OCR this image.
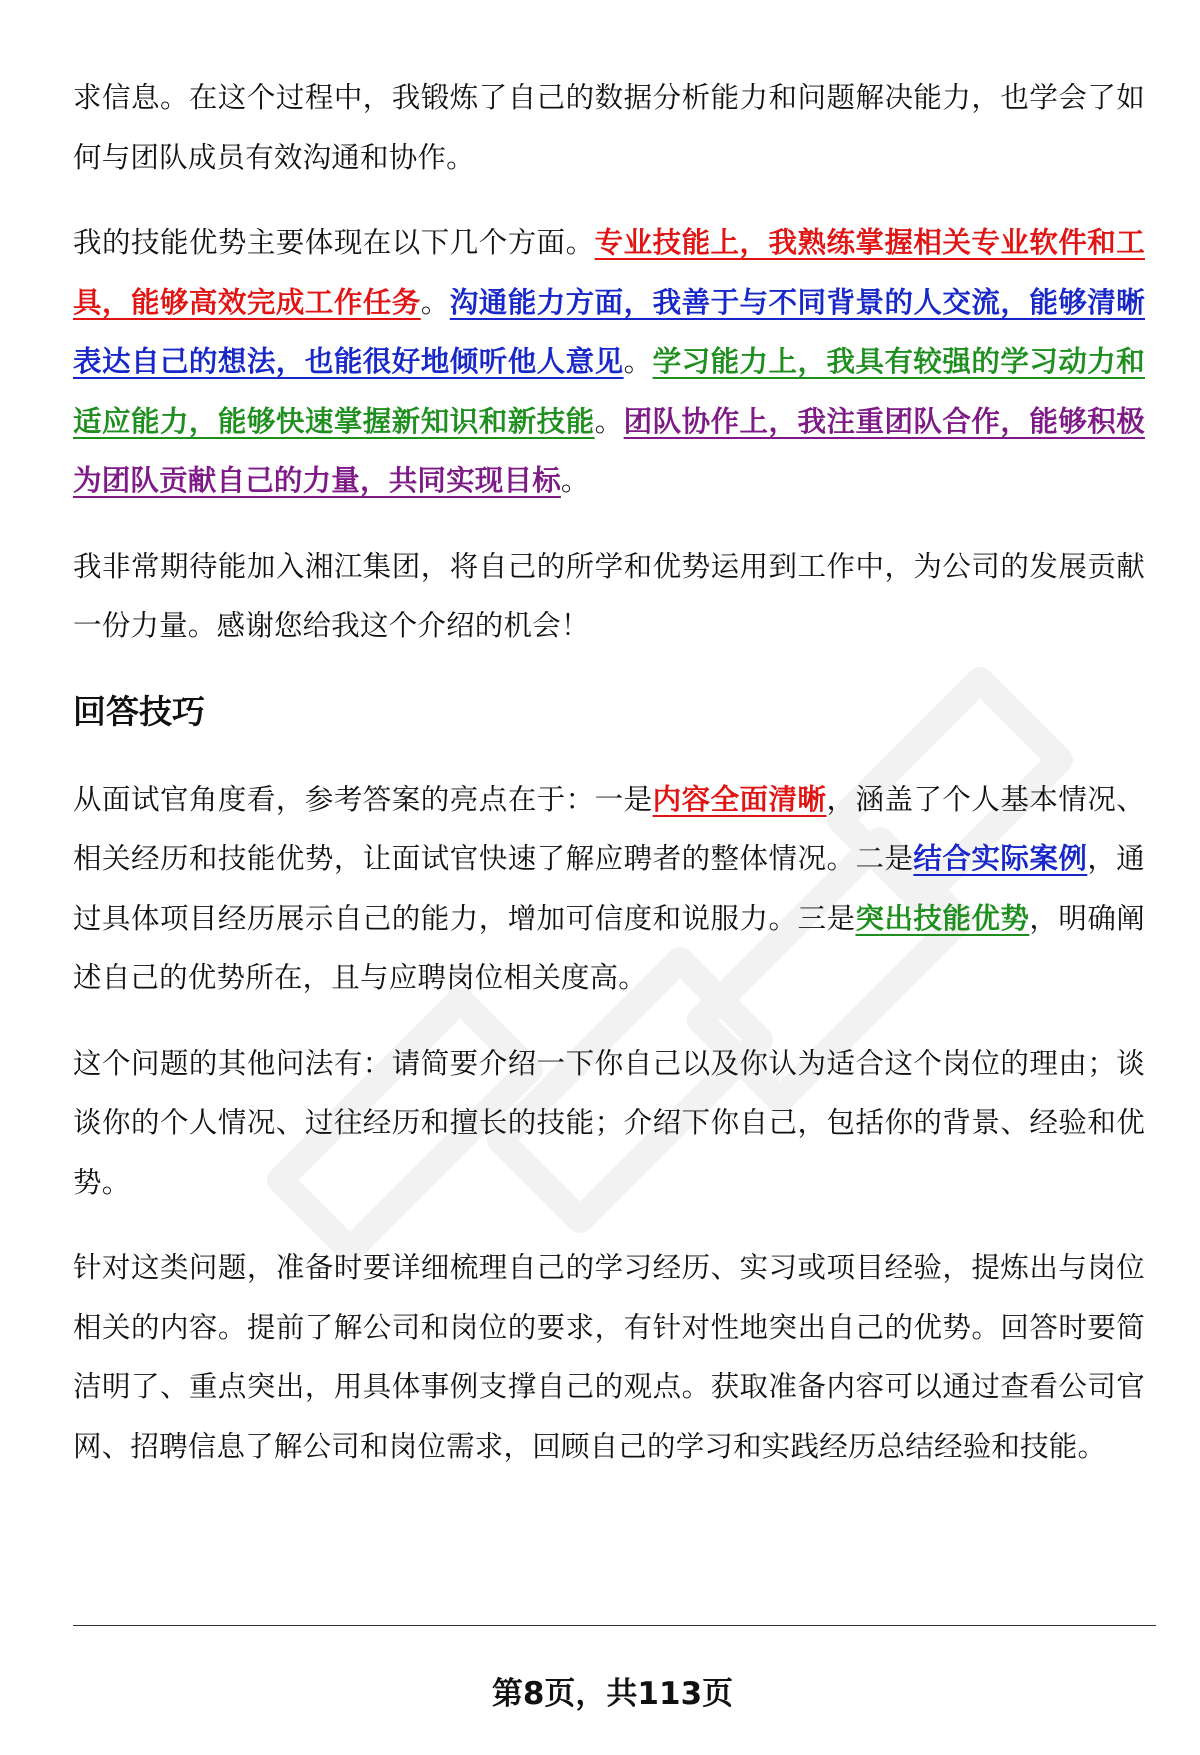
求信息。在这个过程中，我锻炼了自己的数据分析能力和问题解决能力，也学会了如何与团队成员有效沟通和协作。

我的技能优势主要体现在以下几个方面。专业技能上，我熟练掌握相关专业软件和工具，能够高效完成工作任务。沟通能力方面，我善于与不同背景的人交流，能够清晰表达自己的想法，也能很好地倾听他人意见。学习能力上，我具有较强的学习动力和适应能力，能够快速掌握新知识和新技能。团队协作上，我注重团队合作，能够积极为团队贡献自己的力量，共同实现目标。

我非常期待能加入湘江集团，将自己的所学和优势运用到工作中，为公司的发展贡献一份力量。感谢您给我这个介绍的机会！

回答技巧

从面试官角度看，参考答案的亮点在于：一是内容全面清晰，涵盖了个人基本情况、相关经历和技能优势，让面试官快速了解应聘者的整体情况。二是结合实际案例，通过具体项目经历展示自己的能力，增加可信度和说服力。三是突出技能优势，明确阐述自己的优势所在，且与应聘岗位相关度高。

这个问题的其他问法有：请简要介绍一下你自己以及你认为适合这个岗位的理由；谈谈你的个人情况、过往经历和擅长的技能；介绍下你自己，包括你的背景、经验和优势。

针对这类问题，准备时要详细梳理自己的学习经历、实习或项目经验，提炼出与岗位相关的内容。提前了解公司和岗位的要求，有针对性地突出自己的优势。回答时要简洁明了、重点突出，用具体事例支撑自己的观点。获取准备内容可以通过查看公司官网、招聘信息了解公司和岗位需求，回顾自己的学习和实践经历总结经验和技能。

第8页，共113页
